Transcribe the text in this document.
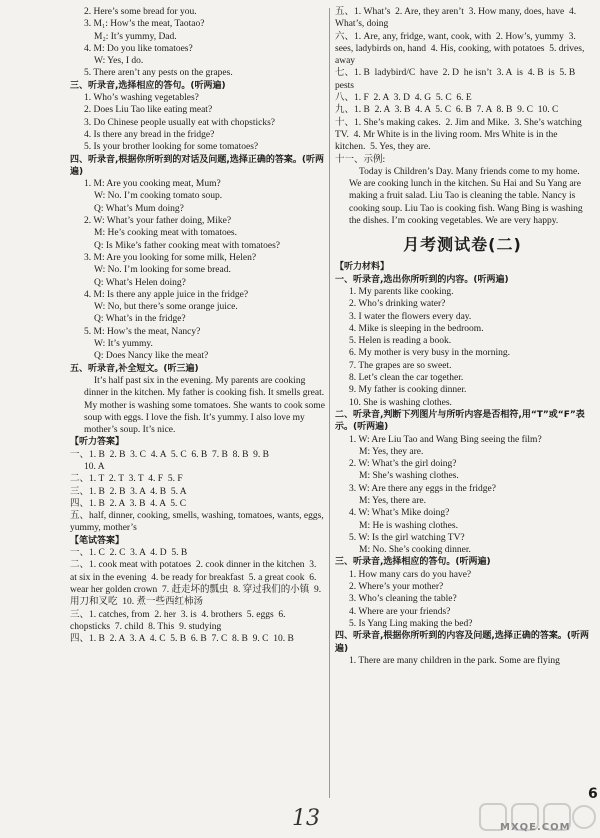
2. Here’s some bread for you.
3. M₁: How’s the meat, Taotao?
M₂: It’s yummy, Dad.
4. M: Do you like tomatoes?
W: Yes, I do.
5. There aren’t any pests on the grapes.
三、听录音,选择相应的答句。(听两遍)
1. Who’s washing vegetables?
2. Does Liu Tao like eating meat?
3. Do Chinese people usually eat with chopsticks?
4. Is there any bread in the fridge?
5. Is your brother looking for some tomatoes?
四、听录音,根据你所听到的对话及问题,选择正确的答案。(听两遍)
1. M: Are you cooking meat, Mum?
W: No. I’m cooking tomato soup.
Q: What’s Mum doing?
2. W: What’s your father doing, Mike?
M: He’s cooking meat with tomatoes.
Q: Is Mike’s father cooking meat with tomatoes?
3. M: Are you looking for some milk, Helen?
W: No. I’m looking for some bread.
Q: What’s Helen doing?
4. M: Is there any apple juice in the fridge?
W: No, but there’s some orange juice.
Q: What’s in the fridge?
5. M: How’s the meat, Nancy?
W: It’s yummy.
Q: Does Nancy like the meat?
五、听录音,补全短文。(听三遍)
It’s half past six in the evening. My parents are cooking dinner in the kitchen. My father is cooking fish. It smells great. My mother is washing some tomatoes. She wants to cook some soup with eggs. I love the fish. It’s yummy. I also love my mother’s soup. It’s nice.
【听力答案】
一、1. B  2. B  3. C  4. A  5. C  6. B  7. B  8. B  9. B
10. A
二、1. T  2. T  3. T  4. F  5. F
三、1. B  2. B  3. A  4. B  5. A
四、1. B  2. A  3. B  4. A  5. C
五、half, dinner, cooking, smells, washing, tomatoes, wants, eggs, yummy, mother’s
【笔试答案】
一、1. C  2. C  3. A  4. D  5. B
二、1. cook meat with potatoes  2. cook dinner in the kitchen  3. at six in the evening  4. be ready for breakfast  5. a great cook  6. wear her golden crown  7. 赶走坏的瓢虫  8. 穿过我们的小镇  9. 用刀和叉吃  10. 煮一些西红柿汤
三、1. catches, from  2. her  3. is  4. brothers  5. eggs  6. chopsticks  7. child  8. This  9. studying
四、1. B  2. A  3. A  4. C  5. B  6. B  7. C  8. B  9. C  10. B
五、1. What’s  2. Are, they aren’t  3. How many, does, have  4. What’s, doing
六、1. Are, any, fridge, want, cook, with  2. How’s, yummy  3. sees, ladybirds on, hand  4. His, cooking, with potatoes  5. drives, away
七、1. B  ladybird/C  have  2. D  he isn’t  3. A  is  4. B  is  5. B  pests
八、1. F  2. A  3. D  4. G  5. C  6. E
九、1. B  2. A  3. B  4. A  5. C  6. B  7. A  8. B  9. C  10. C
十、1. She’s making cakes.  2. Jim and Mike.  3. She’s watching TV.  4. Mr White is in the living room. Mrs White is in the kitchen.  5. Yes, they are.
十一、示例:
Today is Children’s Day. Many friends come to my home. We are cooking lunch in the kitchen. Su Hai and Su Yang are making a fruit salad. Liu Tao is cleaning the table. Nancy is cooking soup. Liu Tao is cooking fish. Wang Bing is washing the dishes. I’m cooking vegetables. We are very happy.
月考测试卷(二)
【听力材料】
一、听录音,选出你所听到的内容。(听两遍)
1. My parents like cooking.
2. Who’s drinking water?
3. I water the flowers every day.
4. Mike is sleeping in the bedroom.
5. Helen is reading a book.
6. My mother is very busy in the morning.
7. The grapes are so sweet.
8. Let’s clean the car together.
9. My father is cooking dinner.
10. She is washing clothes.
二、听录音,判断下列图片与所听内容是否相符,用“T”或“F”表示。(听两遍)
1. W: Are Liu Tao and Wang Bing seeing the film?
M: Yes, they are.
2. W: What’s the girl doing?
M: She’s washing clothes.
3. W: Are there any eggs in the fridge?
M: Yes, there are.
4. W: What’s Mike doing?
M: He is washing clothes.
5. W: Is the girl watching TV?
M: No. She’s cooking dinner.
三、听录音,选择相应的答句。(听两遍)
1. How many cars do you have?
2. Where’s your mother?
3. Who’s cleaning the table?
4. Where are your friends?
5. Is Yang Ling making the bed?
四、听录音,根据你所听到的内容及问题,选择正确的答案。(听两遍)
1. There are many children in the park. Some are flying
6
13	MXQE.COM
